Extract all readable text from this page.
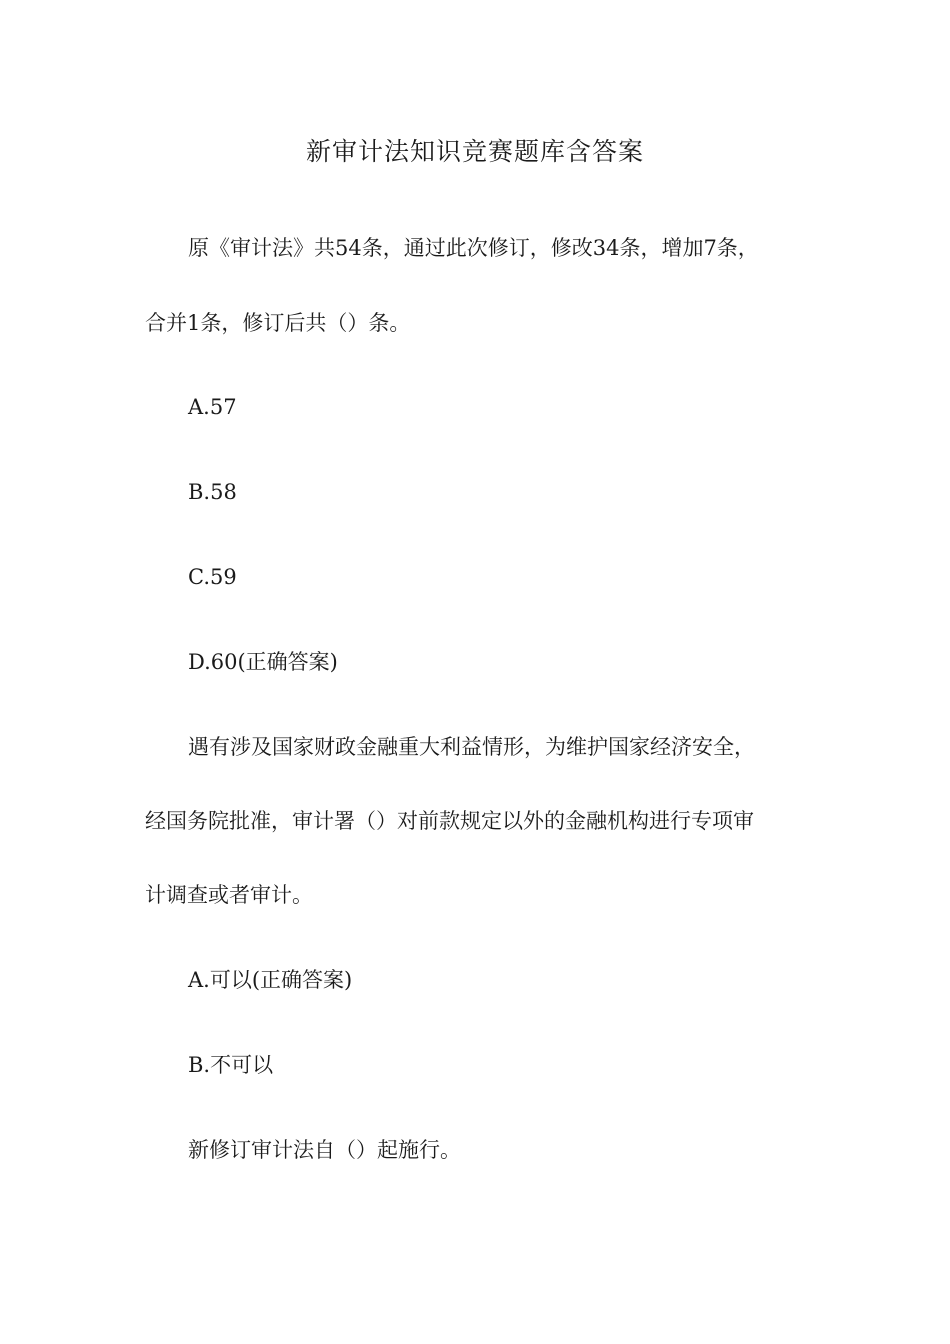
新审计法知识竞赛题库含答案

原《审计法》共54条，通过此次修订，修改34条，增加7条，

合并1条，修订后共（）条。

A.57

B.58

C.59

D.60(正确答案)

遇有涉及国家财政金融重大利益情形，为维护国家经济安全，

经国务院批准，审计署（）对前款规定以外的金融机构进行专项审

计调查或者审计。

A.可以(正确答案)

B.不可以

新修订审计法自（）起施行。
